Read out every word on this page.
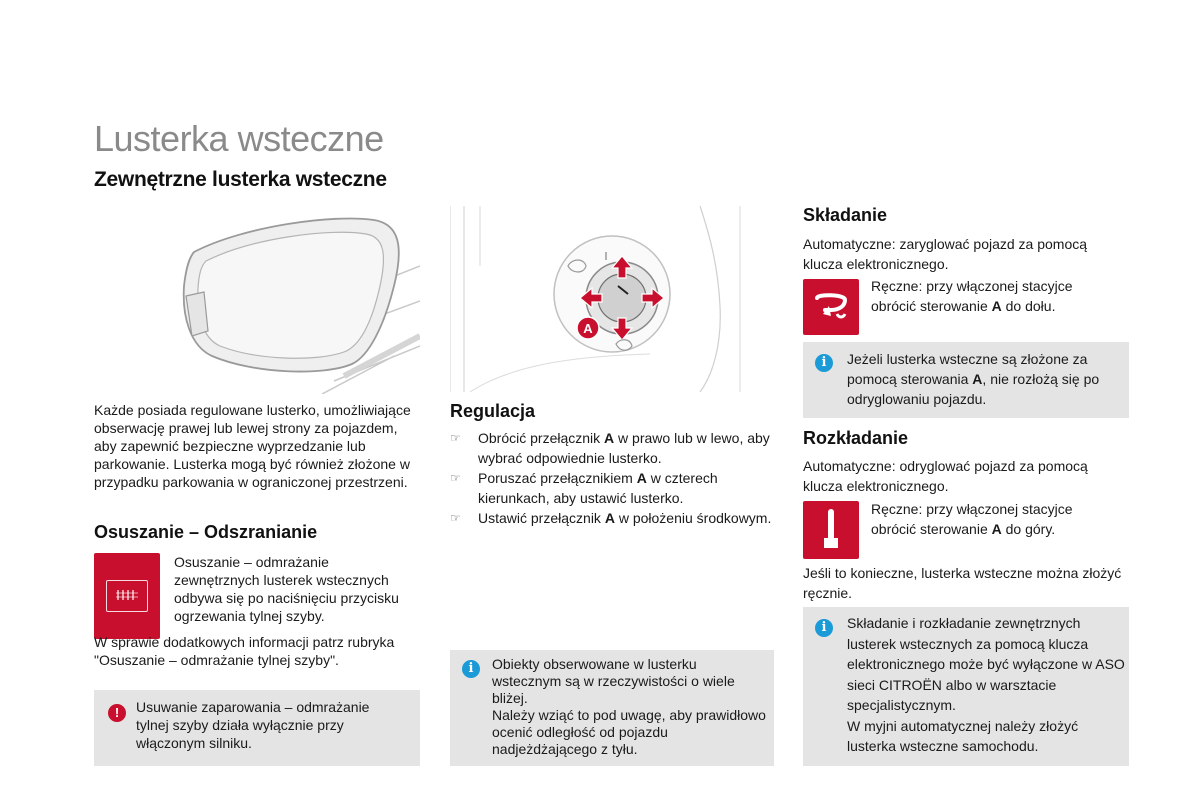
Lusterka wsteczne
Zewnętrzne lusterka wsteczne
Każde posiada regulowane lusterko, umożliwiające obserwację prawej lub lewej strony za pojazdem, aby zapewnić bezpieczne wyprzedzanie lub parkowanie. Lusterka mogą być również złożone w przypadku parkowania w ograniczonej przestrzeni.
Osuszanie – Odszranianie
Osuszanie – odmrażanie zewnętrznych lusterek wstecznych odbywa się po naciśnięciu przycisku ogrzewania tylnej szyby.
W sprawie dodatkowych informacji patrz rubryka "Osuszanie – odmrażanie tylnej szyby".
!	Usuwanie zaparowania – odmrażanie tylnej szyby działa wyłącznie przy włączonym silniku.
A
Regulacja
☞ Obrócić przełącznik A w prawo lub w lewo, aby wybrać odpowiednie lusterko.
☞ Poruszać przełącznikiem A w czterech kierunkach, aby ustawić lusterko.
☞ Ustawić przełącznik A w położeniu środkowym.
i	Obiekty obserwowane w lusterku wstecznym są w rzeczywistości o wiele bliżej.
Należy wziąć to pod uwagę, aby prawidłowo ocenić odległość od pojazdu nadjeżdżającego z tyłu.
Składanie
Automatyczne: zaryglować pojazd za pomocą klucza elektronicznego.
Ręczne: przy włączonej stacyjce obrócić sterowanie A do dołu.
i	Jeżeli lusterka wsteczne są złożone za pomocą sterowania A, nie rozłożą się po odryglowaniu pojazdu.
Rozkładanie
Automatyczne: odryglować pojazd za pomocą klucza elektronicznego.
Ręczne: przy włączonej stacyjce obrócić sterowanie A do góry.
Jeśli to konieczne, lusterka wsteczne można złożyć ręcznie.
i	Składanie i rozkładanie zewnętrznych lusterek wstecznych za pomocą klucza elektronicznego może być wyłączone w ASO sieci CITROËN albo w warsztacie specjalistycznym.
W myjni automatycznej należy złożyć lusterka wsteczne samochodu.
